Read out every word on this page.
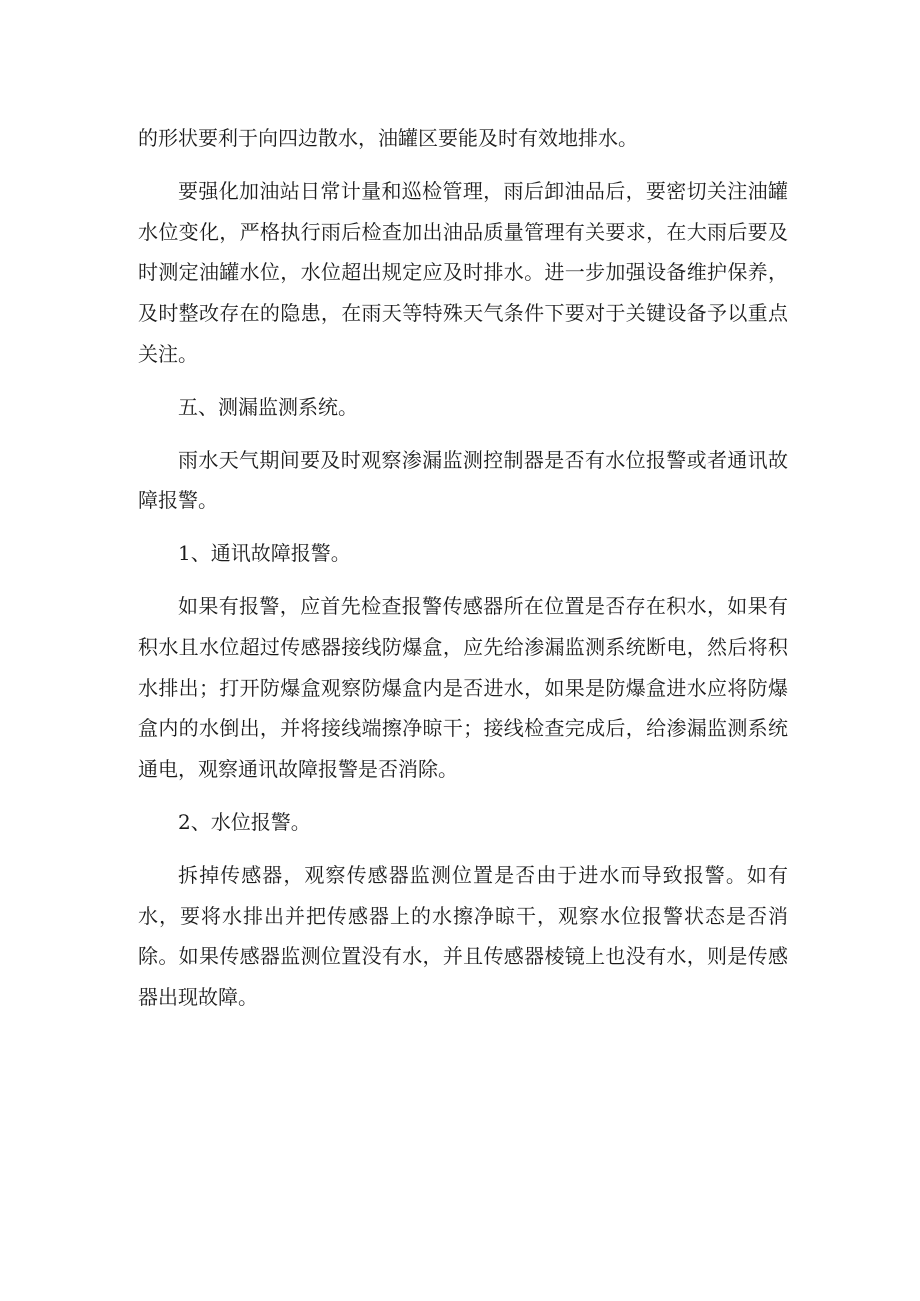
的形状要利于向四边散水，油罐区要能及时有效地排水。

要强化加油站日常计量和巡检管理，雨后卸油品后，要密切关注油罐水位变化，严格执行雨后检查加出油品质量管理有关要求，在大雨后要及时测定油罐水位，水位超出规定应及时排水。进一步加强设备维护保养，及时整改存在的隐患，在雨天等特殊天气条件下要对于关键设备予以重点关注。

五、测漏监测系统。

雨水天气期间要及时观察渗漏监测控制器是否有水位报警或者通讯故障报警。

1、通讯故障报警。

如果有报警，应首先检查报警传感器所在位置是否存在积水，如果有积水且水位超过传感器接线防爆盒，应先给渗漏监测系统断电，然后将积水排出；打开防爆盒观察防爆盒内是否进水，如果是防爆盒进水应将防爆盒内的水倒出，并将接线端擦净晾干；接线检查完成后，给渗漏监测系统通电，观察通讯故障报警是否消除。

2、水位报警。

拆掉传感器，观察传感器监测位置是否由于进水而导致报警。如有水，要将水排出并把传感器上的水擦净晾干，观察水位报警状态是否消除。如果传感器监测位置没有水，并且传感器棱镜上也没有水，则是传感器出现故障。
